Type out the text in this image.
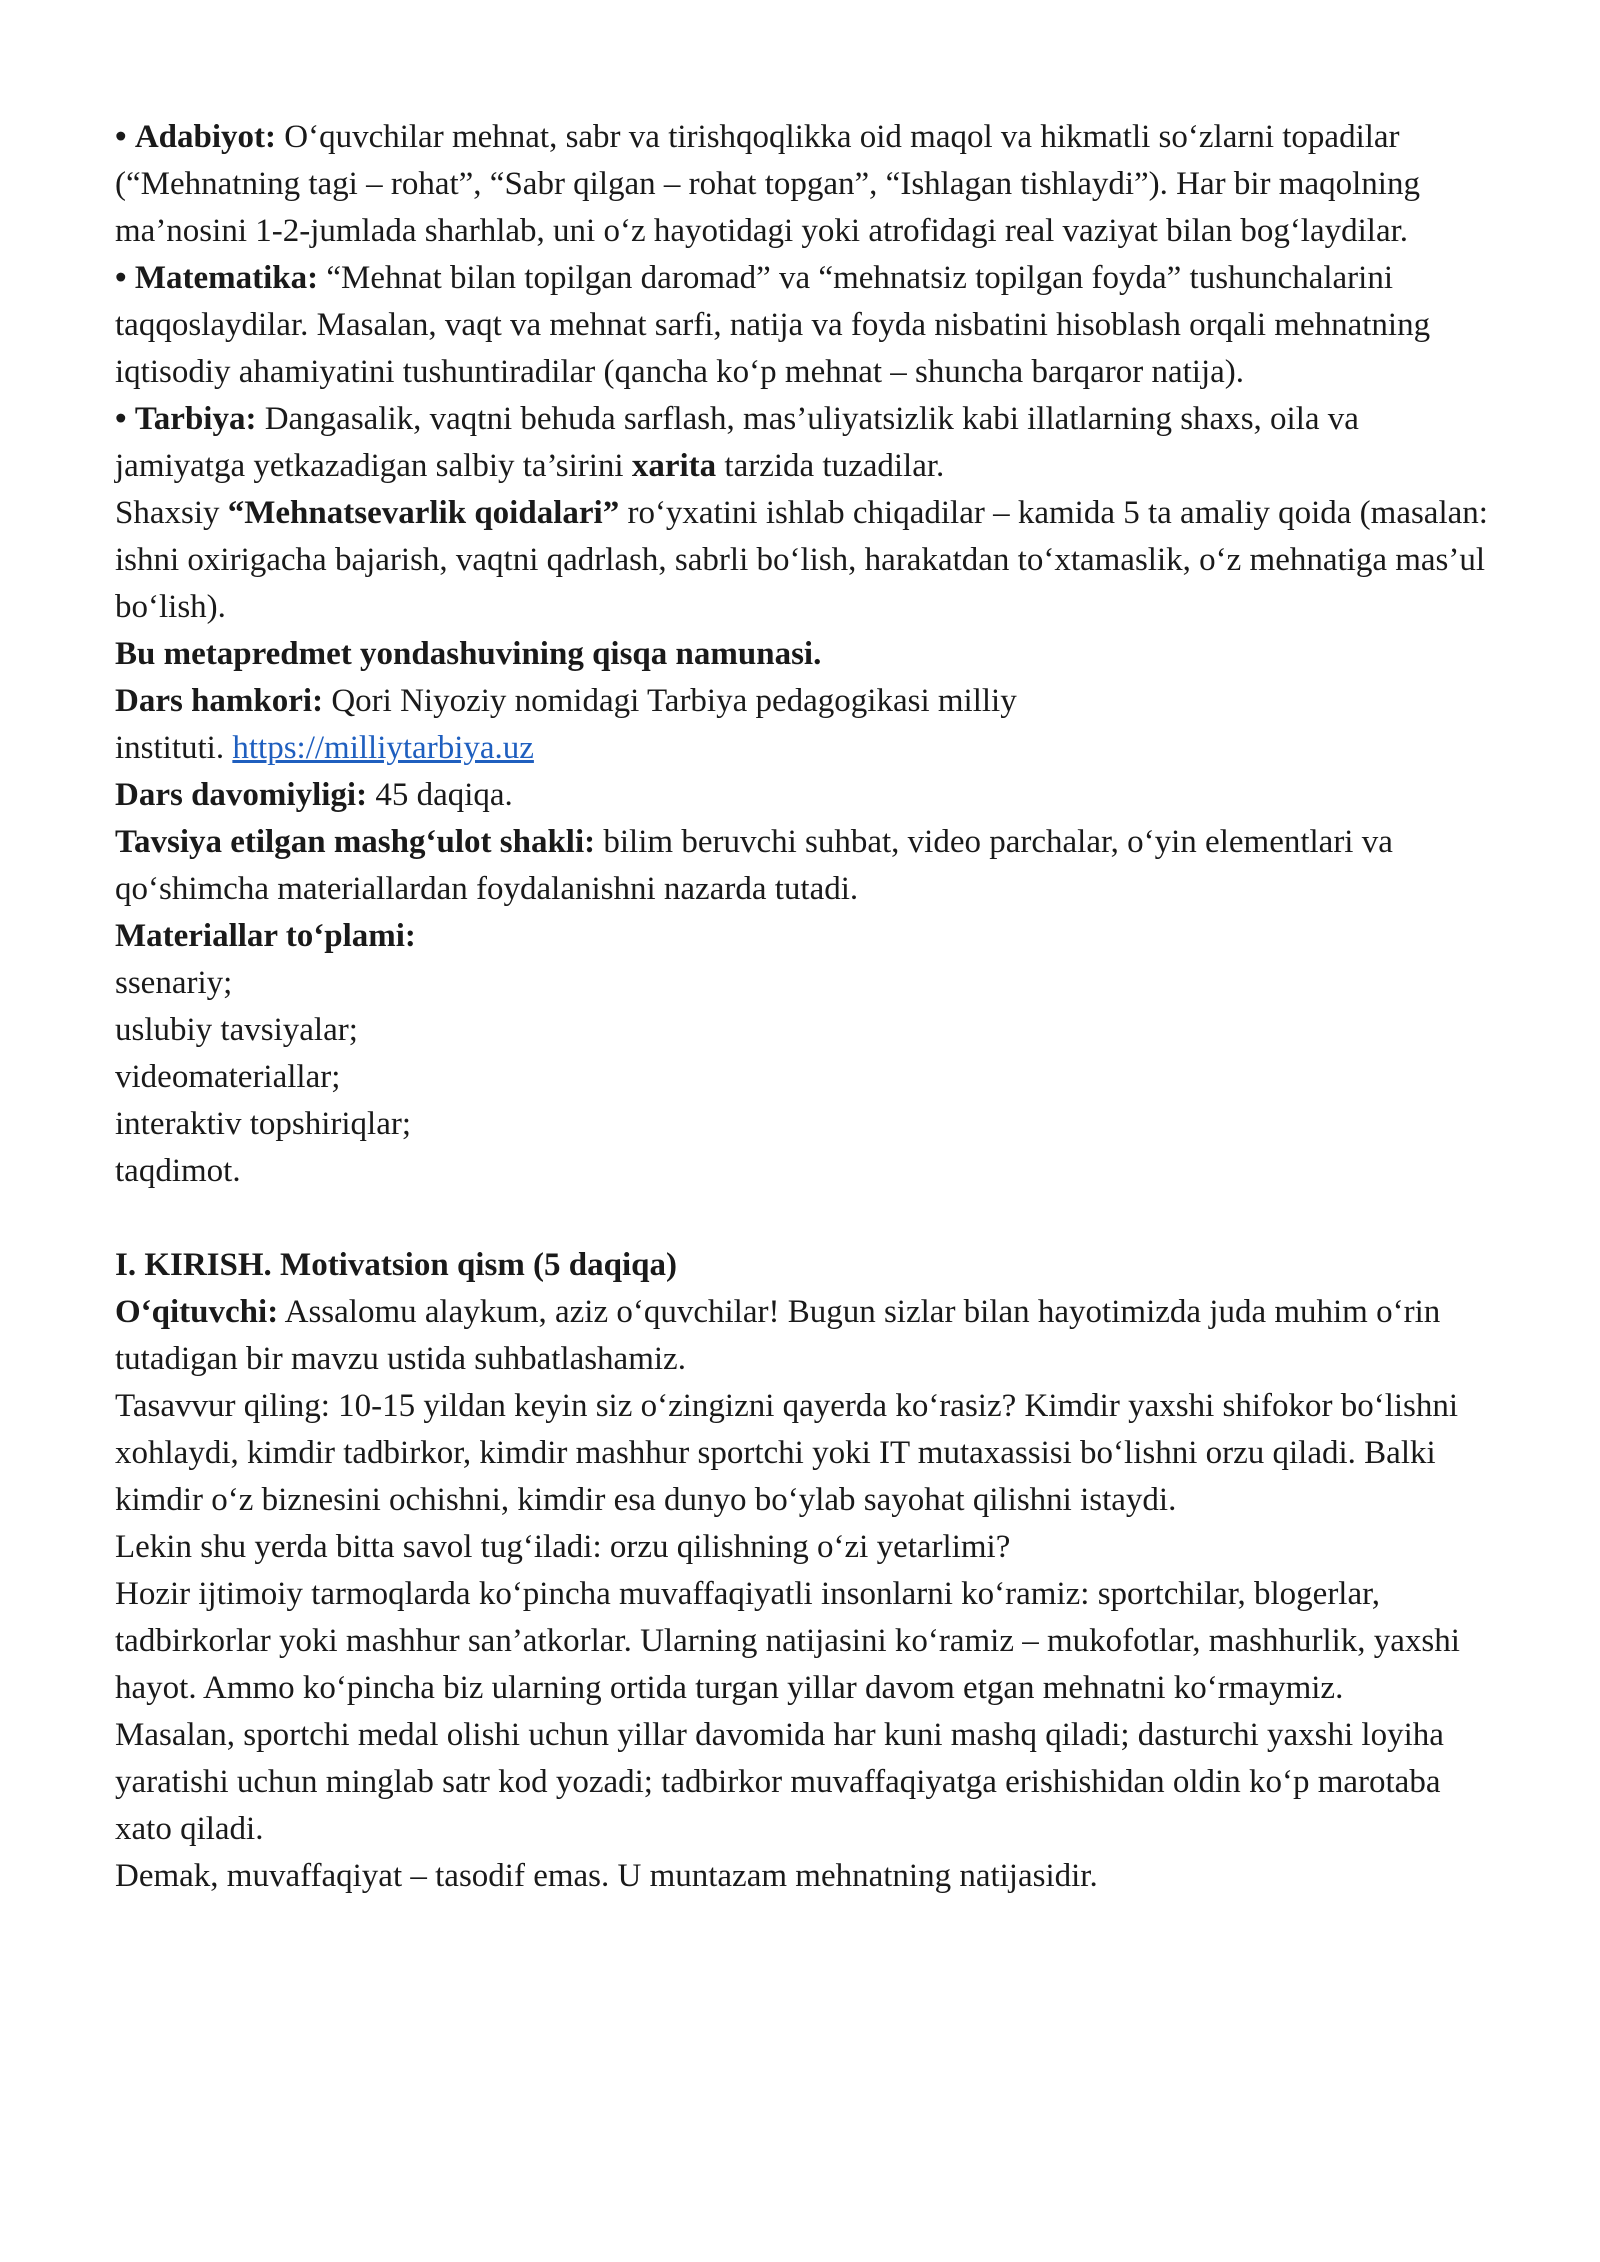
• Adabiyot: O‘quvchilar mehnat, sabr va tirishqoqlikka oid maqol va hikmatli so‘zlarni topadilar (“Mehnatning tagi – rohat”, “Sabr qilgan – rohat topgan”, “Ishlagan tishlaydi”). Har bir maqolning ma’nosini 1-2-jumlada sharhlab, uni o‘z hayotidagi yoki atrofidagi real vaziyat bilan bog‘laydilar.

• Matematika: “Mehnat bilan topilgan daromad” va “mehnatsiz topilgan foyda” tushunchalarini taqqoslaydilar. Masalan, vaqt va mehnat sarfi, natija va foyda nisbatini hisoblash orqali mehnatning iqtisodiy ahamiyatini tushuntiradilar (qancha ko‘p mehnat – shuncha barqaror natija).

• Tarbiya: Dangasalik, vaqtni behuda sarflash, mas’uliyatsizlik kabi illatlarning shaxs, oila va jamiyatga yetkazadigan salbiy ta’sirini xarita tarzida tuzadilar.

Shaxsiy “Mehnatsevarlik qoidalari” ro‘yxatini ishlab chiqadilar – kamida 5 ta amaliy qoida (masalan: ishni oxirigacha bajarish, vaqtni qadrlash, sabrli bo‘lish, harakatdan to‘xtamaslik, o‘z mehnatiga mas’ul bo‘lish).

Bu metapredmet yondashuvining qisqa namunasi.

Dars hamkori: Qori Niyoziy nomidagi Tarbiya pedagogikasi milliy

instituti. https://milliytarbiya.uz

Dars davomiyligi: 45 daqiqa.

Tavsiya etilgan mashg‘ulot shakli: bilim beruvchi suhbat, video parchalar, o‘yin elementlari va qo‘shimcha materiallardan foydalanishni nazarda tutadi.

Materiallar to‘plami:

ssenariy;

uslubiy tavsiyalar;

videomateriallar;

interaktiv topshiriqlar;

taqdimot.

I. KIRISH. Motivatsion qism (5 daqiqa)

O‘qituvchi: Assalomu alaykum, aziz o‘quvchilar! Bugun sizlar bilan hayotimizda juda muhim o‘rin tutadigan bir mavzu ustida suhbatlashamiz.

Tasavvur qiling: 10-15 yildan keyin siz o‘zingizni qayerda ko‘rasiz? Kimdir yaxshi shifokor bo‘lishni xohlaydi, kimdir tadbirkor, kimdir mashhur sportchi yoki IT mutaxassisi bo‘lishni orzu qiladi. Balki kimdir o‘z biznesini ochishni, kimdir esa dunyo bo‘ylab sayohat qilishni istaydi.

Lekin shu yerda bitta savol tug‘iladi: orzu qilishning o‘zi yetarlimi?

Hozir ijtimoiy tarmoqlarda ko‘pincha muvaffaqiyatli insonlarni ko‘ramiz: sportchilar, blogerlar, tadbirkorlar yoki mashhur san’atkorlar. Ularning natijasini ko‘ramiz – mukofotlar, mashhurlik, yaxshi hayot. Ammo ko‘pincha biz ularning ortida turgan yillar davom etgan mehnatni ko‘rmaymiz.

Masalan, sportchi medal olishi uchun yillar davomida har kuni mashq qiladi; dasturchi yaxshi loyiha yaratishi uchun minglab satr kod yozadi; tadbirkor muvaffaqiyatga erishishidan oldin ko‘p marotaba xato qiladi.

Demak, muvaffaqiyat – tasodif emas. U muntazam mehnatning natijasidir.
